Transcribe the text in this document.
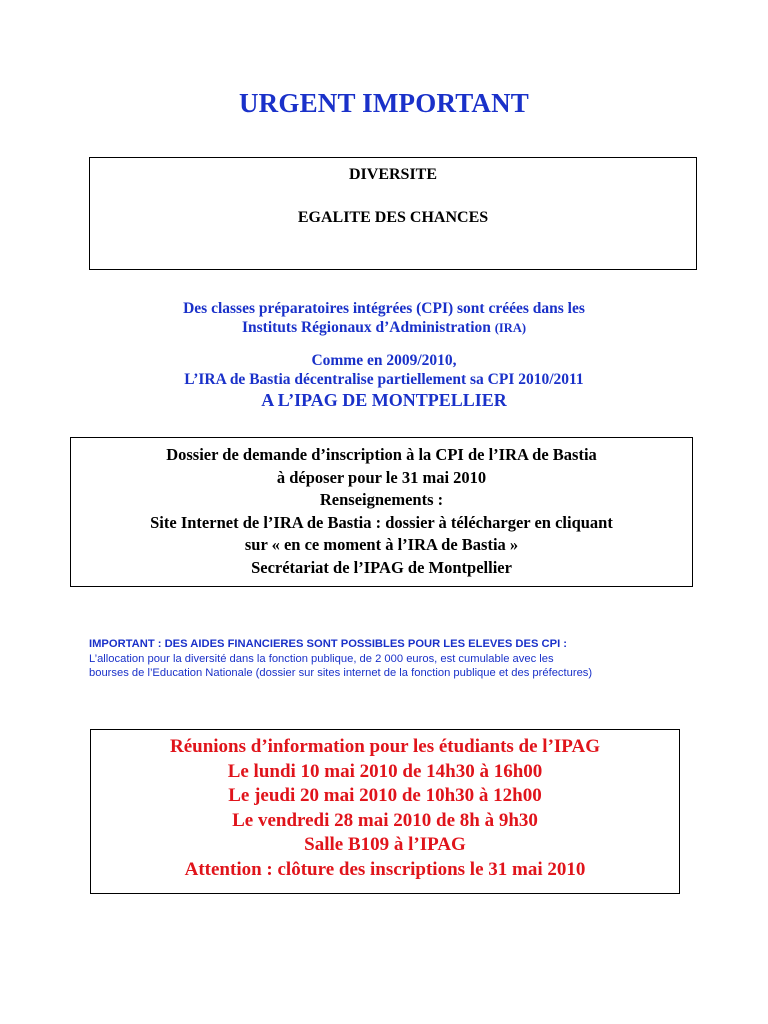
URGENT IMPORTANT
DIVERSITE
EGALITE DES CHANCES
Des classes préparatoires intégrées (CPI) sont créées dans les
Instituts Régionaux d’Administration (IRA)
Comme en 2009/2010,
L’IRA de Bastia décentralise partiellement sa CPI 2010/2011
A L’IPAG DE MONTPELLIER
Dossier de demande d’inscription à la CPI de l’IRA de Bastia
à déposer pour le 31 mai 2010
Renseignements :
Site Internet de l’IRA de Bastia : dossier à télécharger en cliquant
sur « en ce moment à l’IRA de Bastia »
Secrétariat de l’IPAG de Montpellier
IMPORTANT : DES AIDES FINANCIERES SONT POSSIBLES POUR LES ELEVES DES CPI :
L’allocation pour la diversité dans la fonction publique, de 2 000 euros, est cumulable avec les
bourses de l’Education Nationale (dossier sur sites internet de la fonction publique et des préfectures)
Réunions d’information pour les étudiants de l’IPAG
Le lundi 10 mai 2010 de 14h30 à 16h00
Le jeudi 20 mai 2010 de 10h30 à 12h00
Le vendredi 28 mai 2010 de 8h à 9h30
Salle B109 à l’IPAG
Attention : clôture des inscriptions le 31 mai 2010
